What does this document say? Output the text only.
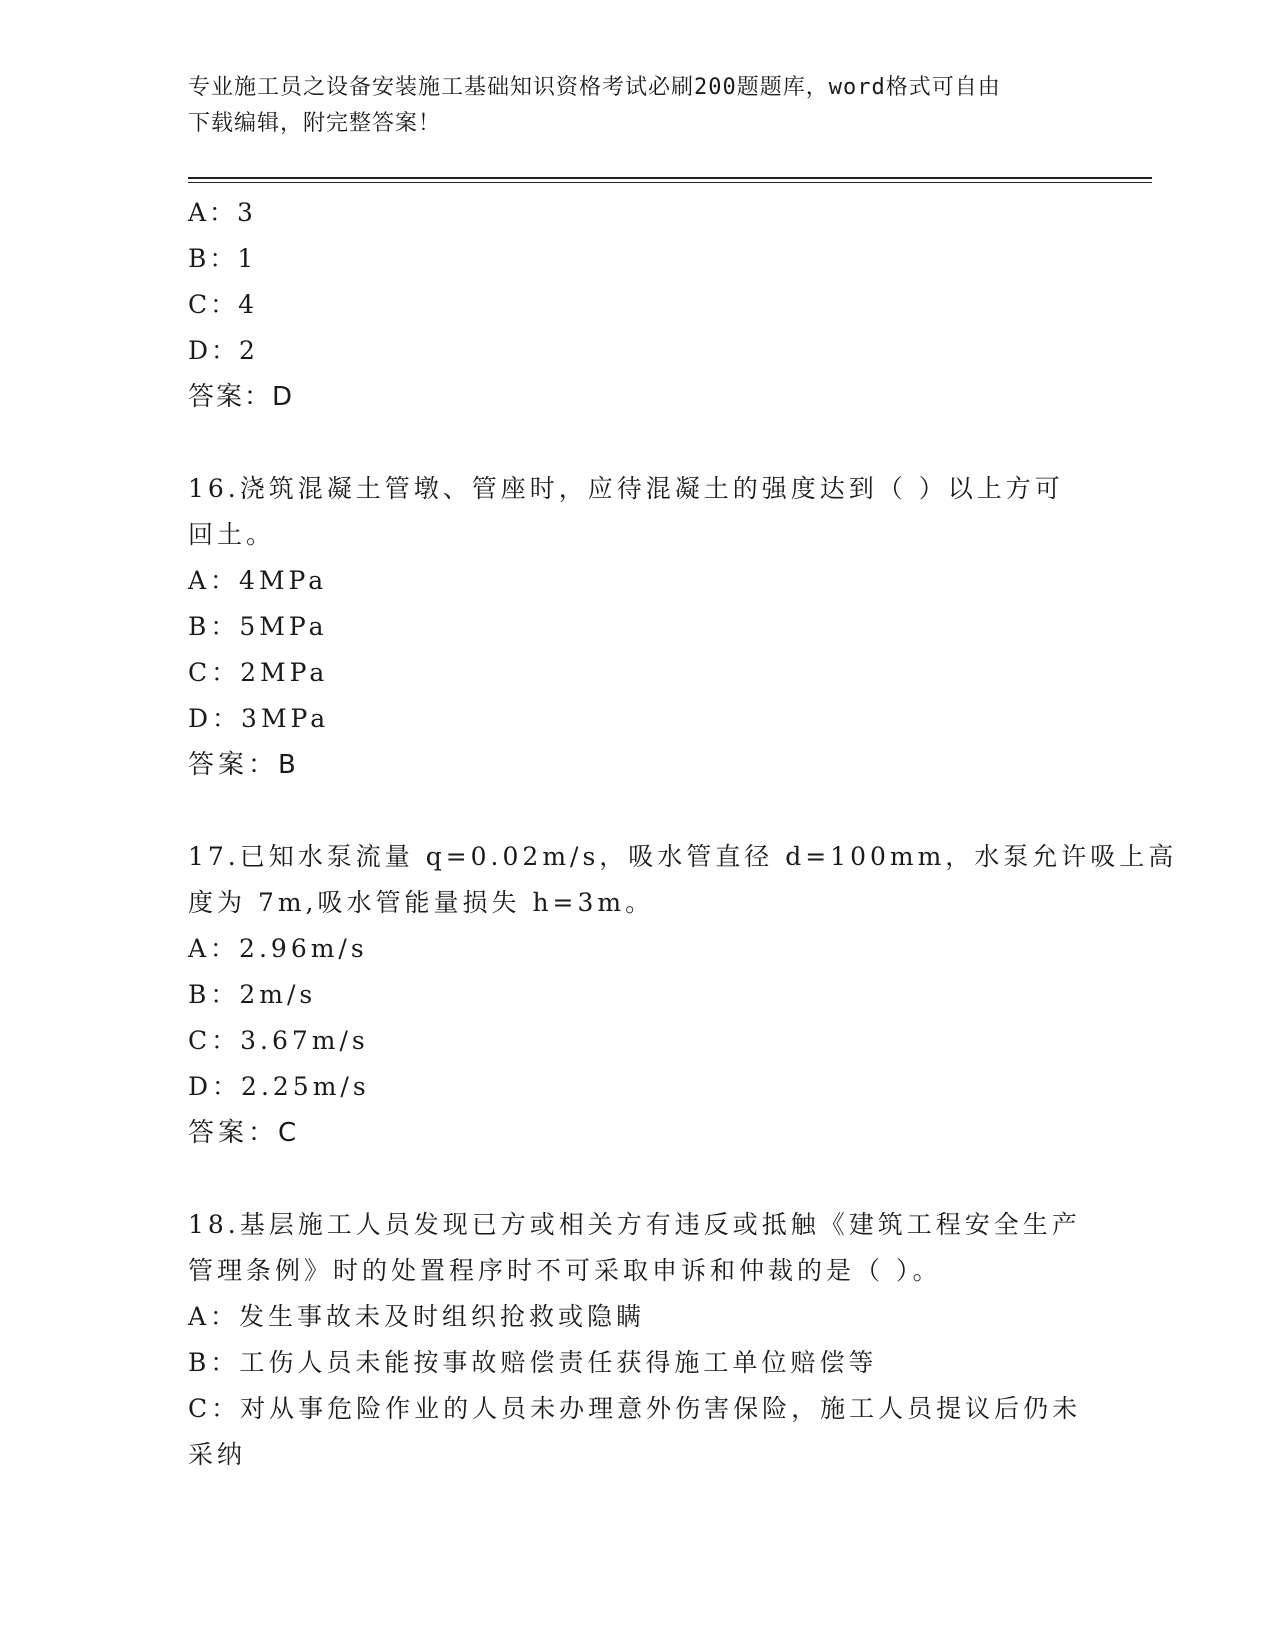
专业施工员之设备安装施工基础知识资格考试必刷200题题库，word格式可自由
下载编辑，附完整答案！
A：3
B：1
C：4
D：2
答案：D
16.浇筑混凝土管墩、管座时，应待混凝土的强度达到（ ）以上方可
回土。
A：4MPa
B：5MPa
C：2MPa
D：3MPa
答案：B
17.已知水泵流量 q=0.02m/s，吸水管直径 d=100mm，水泵允许吸上高
度为 7m,吸水管能量损失 h=3m。
A：2.96m/s
B：2m/s
C：3.67m/s
D：2.25m/s
答案：C
18.基层施工人员发现已方或相关方有违反或抵触《建筑工程安全生产
管理条例》时的处置程序时不可采取申诉和仲裁的是（ ）。
A：发生事故未及时组织抢救或隐瞒
B：工伤人员未能按事故赔偿责任获得施工单位赔偿等
C：对从事危险作业的人员未办理意外伤害保险，施工人员提议后仍未
采纳
